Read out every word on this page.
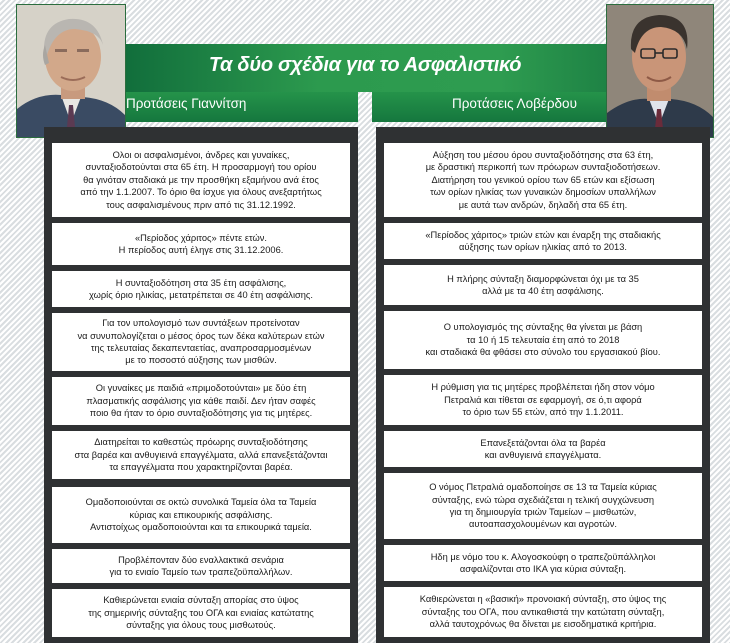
Τα δύο σχέδια για το Ασφαλιστικό
Προτάσεις Γιαννίτση	Προτάσεις Λοβέρδου
Ολοι οι ασφαλισμένοι, άνδρες και γυναίκες,
συνταξιοδοτούνται στα 65 έτη. Η προσαρμογή του ορίου
θα γινόταν σταδιακά με την προσθήκη εξαμήνου ανά έτος
από την 1.1.2007. Το όριο θα ίσχυε για όλους ανεξαρτήτως
τους ασφαλισμένους πριν από τις 31.12.1992.
«Περίοδος χάριτος» πέντε ετών.
Η περίοδος αυτή έληγε στις 31.12.2006.
Η συνταξιοδότηση στα 35 έτη ασφάλισης,
χωρίς όριο ηλικίας, μετατρέπεται σε 40 έτη ασφάλισης.
Για τον υπολογισμό των συντάξεων προτείνοταν
να συνυπολογίζεται ο μέσος όρος των δέκα καλύτερων ετών
της τελευταίας δεκαπενταετίας, αναπροσαρμοσμένων
με το ποσοστό αύξησης των μισθών.
Οι γυναίκες με παιδιά «πριμοδοτούνται» με δύο έτη
πλασματικής ασφάλισης για κάθε παιδί. Δεν ήταν σαφές
ποιο θα ήταν το όριο συνταξιοδότησης για τις μητέρες.
Διατηρείται το καθεστώς πρόωρης συνταξιοδότησης
στα βαρέα και ανθυγιεινά επαγγέλματα, αλλά επανεξετάζονται
τα επαγγέλματα που χαρακτηρίζονται βαρέα.
Ομαδοποιούνται σε οκτώ συνολικά Ταμεία όλα τα Ταμεία
κύριας και επικουρικής ασφάλισης.
Αντιστοίχως ομαδοποιούνται και τα επικουρικά ταμεία.
Προβλέπονταν δύο εναλλακτικά σενάρια
για το ενιαίο Ταμείο των τραπεζοϋπαλλήλων.
Καθιερώνεται ενιαία σύνταξη απορίας στο ύψος
της σημερινής σύνταξης του ΟΓΑ και ενιαίας κατώτατης
σύνταξης για όλους τους μισθωτούς.
Αύξηση του μέσου όρου συνταξιοδότησης στα 63 έτη,
με δραστική περικοπή των πρόωρων συνταξιοδοτήσεων.
Διατήρηση του γενικού ορίου των 65 ετών και εξίσωση
των ορίων ηλικίας των γυναικών δημοσίων υπαλλήλων
με αυτά των ανδρών, δηλαδή στα 65 έτη.
«Περίοδος χάριτος» τριών ετών και έναρξη της σταδιακής
αύξησης των ορίων ηλικίας από το 2013.
Η πλήρης σύνταξη διαμορφώνεται όχι με τα 35
αλλά με τα 40 έτη ασφάλισης.
Ο υπολογισμός της σύνταξης θα γίνεται με βάση
τα 10 ή 15 τελευταία έτη από το 2018
και σταδιακά θα φθάσει στο σύνολο του εργασιακού βίου.
Η ρύθμιση για τις μητέρες προβλέπεται ήδη στον νόμο
Πετραλιά και τίθεται σε εφαρμογή, σε ό,τι αφορά
το όριο των 55 ετών, από την 1.1.2011.
Επανεξετάζονται όλα τα βαρέα
και ανθυγιεινά επαγγέλματα.
Ο νόμος Πετραλιά ομαδοποίησε σε 13 τα Ταμεία κύριας
σύνταξης, ενώ τώρα σχεδιάζεται η τελική συγχώνευση
για τη δημιουργία τριών Ταμείων – μισθωτών,
αυτοαπασχολουμένων και αγροτών.
Ηδη με νόμο του κ. Αλογοσκούφη ο τραπεζοϋπάλληλοι
ασφαλίζονται στο ΙΚΑ για κύρια σύνταξη.
Καθιερώνεται η «βασική» προνοιακή σύνταξη, στο ύψος της
σύνταξης του ΟΓΑ, που αντικαθιστά την κατώτατη σύνταξη,
αλλά ταυτοχρόνως θα δίνεται με εισοδηματικά κριτήρια.
